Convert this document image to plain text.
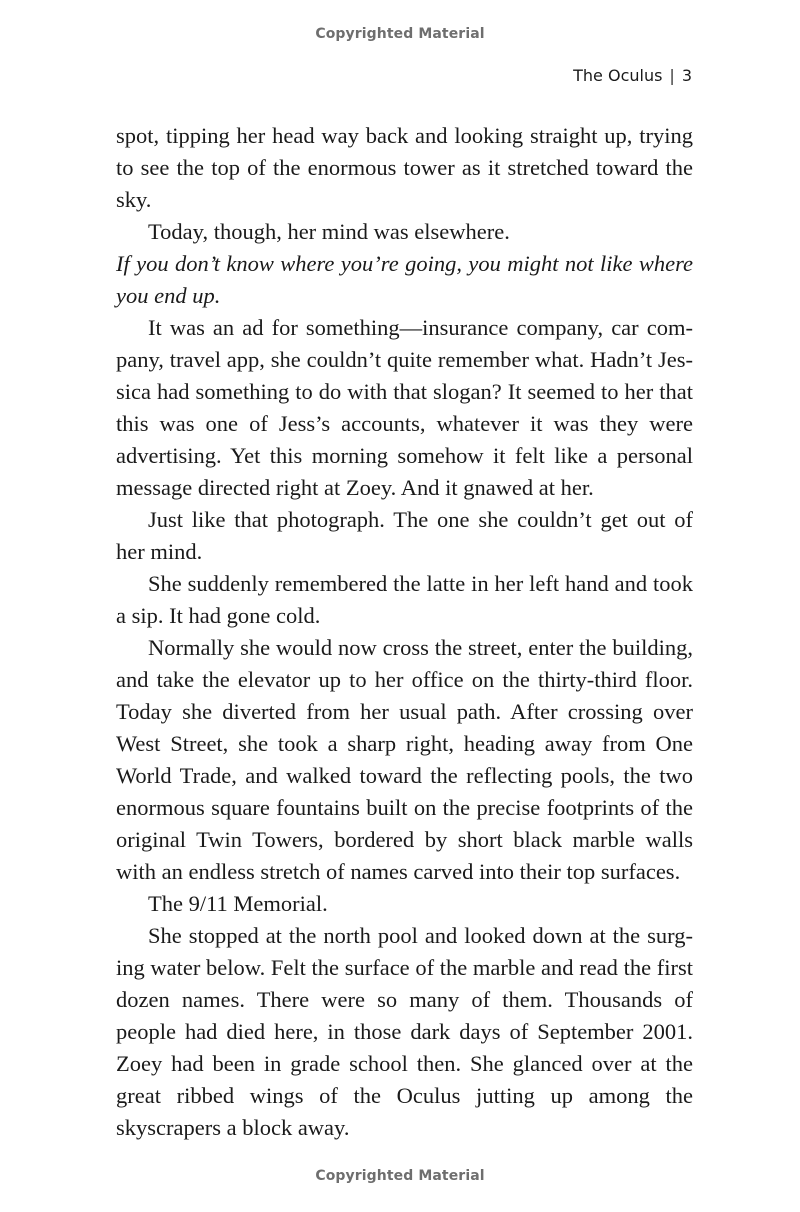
Copyrighted Material
The Oculus | 3

spot, tipping her head way back and looking straight up, trying to see the top of the enormous tower as it stretched toward the sky.

Today, though, her mind was elsewhere.

If you don’t know where you’re going, you might not like where you end up.

It was an ad for something—insurance company, car company, travel app, she couldn’t quite remember what. Hadn’t Jessica had something to do with that slogan? It seemed to her that this was one of Jess’s accounts, whatever it was they were advertising. Yet this morning somehow it felt like a personal message directed right at Zoey. And it gnawed at her.

Just like that photograph. The one she couldn’t get out of her mind.

She suddenly remembered the latte in her left hand and took a sip. It had gone cold.

Normally she would now cross the street, enter the building, and take the elevator up to her office on the thirty-third floor. Today she diverted from her usual path. After crossing over West Street, she took a sharp right, heading away from One World Trade, and walked toward the reflecting pools, the two enormous square fountains built on the precise footprints of the original Twin Towers, bordered by short black marble walls with an endless stretch of names carved into their top surfaces.

The 9/11 Memorial.

She stopped at the north pool and looked down at the surging water below. Felt the surface of the marble and read the first dozen names. There were so many of them. Thousands of people had died here, in those dark days of September 2001. Zoey had been in grade school then. She glanced over at the great ribbed wings of the Oculus jutting up among the skyscrapers a block away.

Copyrighted Material
